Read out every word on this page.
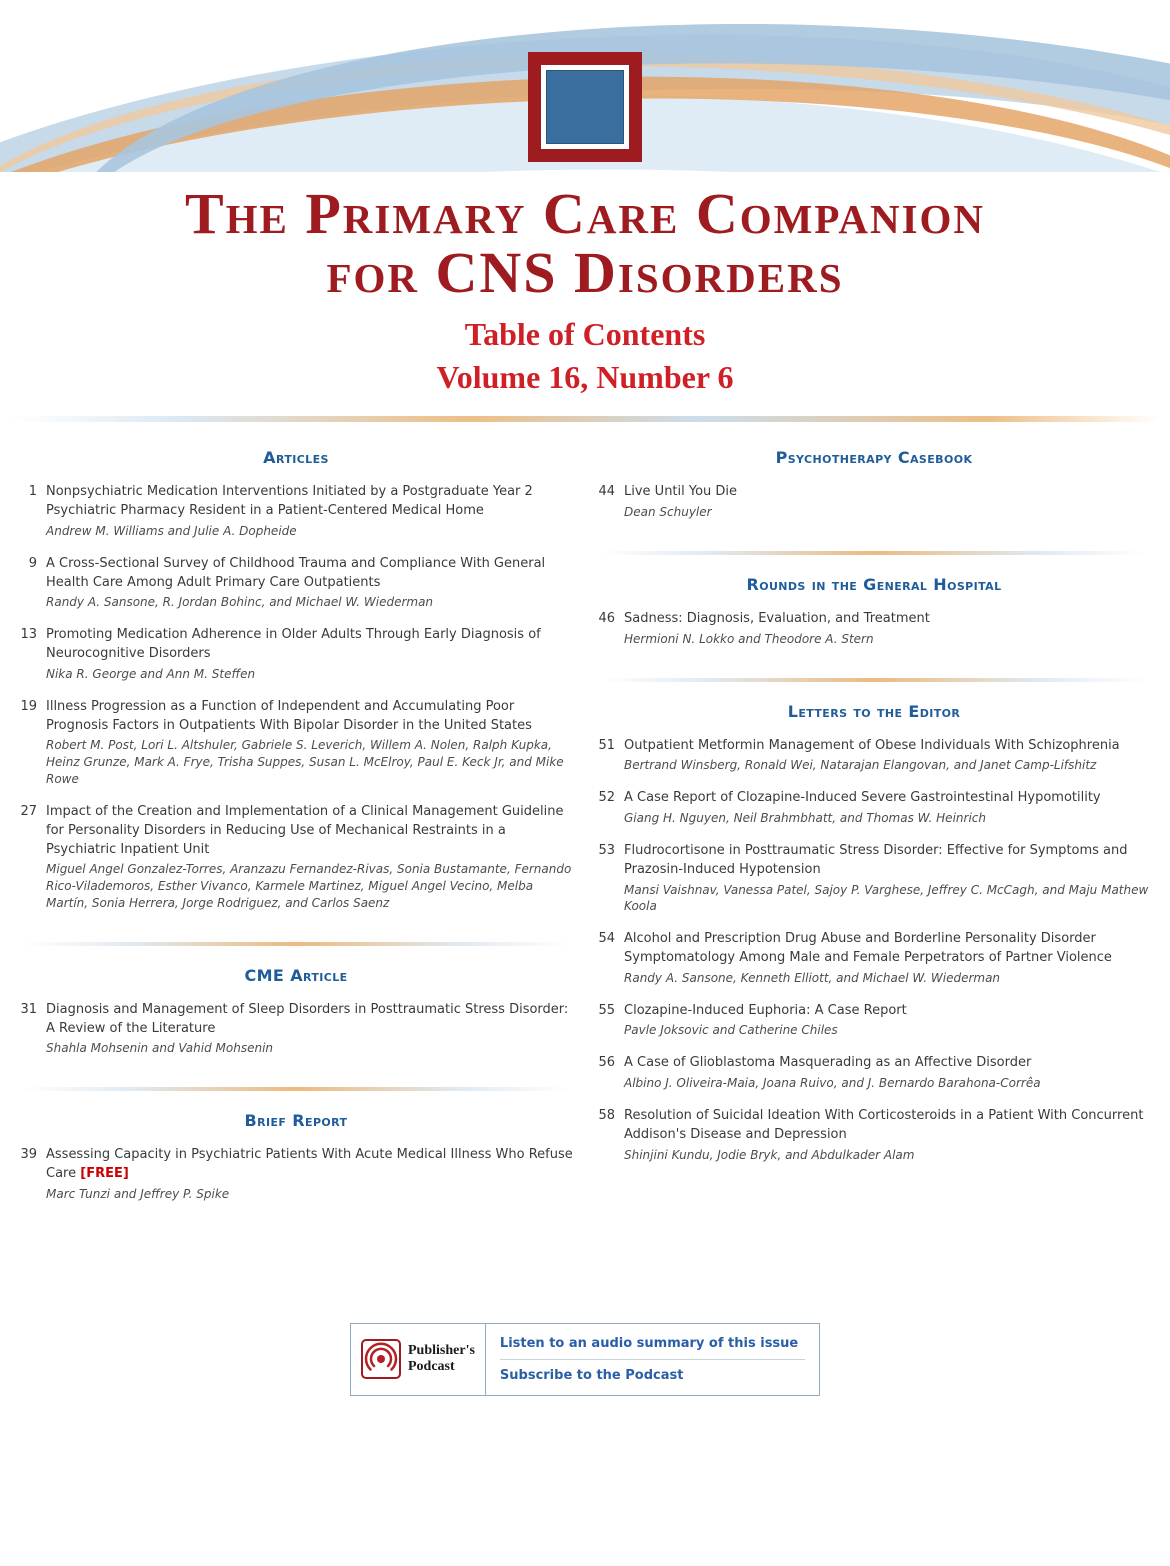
The Primary Care Companion
for CNS Disorders
Table of Contents
Volume 16, Number 6
Articles
1 Nonpsychiatric Medication Interventions Initiated by a Postgraduate Year 2 Psychiatric Pharmacy Resident in a Patient-Centered Medical Home
Andrew M. Williams and Julie A. Dopheide
9 A Cross-Sectional Survey of Childhood Trauma and Compliance With General Health Care Among Adult Primary Care Outpatients
Randy A. Sansone, R. Jordan Bohinc, and Michael W. Wiederman
13 Promoting Medication Adherence in Older Adults Through Early Diagnosis of Neurocognitive Disorders
Nika R. George and Ann M. Steffen
19 Illness Progression as a Function of Independent and Accumulating Poor Prognosis Factors in Outpatients With Bipolar Disorder in the United States
Robert M. Post, Lori L. Altshuler, Gabriele S. Leverich, Willem A. Nolen, Ralph Kupka, Heinz Grunze, Mark A. Frye, Trisha Suppes, Susan L. McElroy, Paul E. Keck Jr, and Mike Rowe
27 Impact of the Creation and Implementation of a Clinical Management Guideline for Personality Disorders in Reducing Use of Mechanical Restraints in a Psychiatric Inpatient Unit
Miguel Angel Gonzalez-Torres, Aranzazu Fernandez-Rivas, Sonia Bustamante, Fernando Rico-Vilademoros, Esther Vivanco, Karmele Martinez, Miguel Angel Vecino, Melba Martín, Sonia Herrera, Jorge Rodriguez, and Carlos Saenz
CME Article
31 Diagnosis and Management of Sleep Disorders in Posttraumatic Stress Disorder: A Review of the Literature
Shahla Mohsenin and Vahid Mohsenin
Brief Report
39 Assessing Capacity in Psychiatric Patients With Acute Medical Illness Who Refuse Care [FREE]
Marc Tunzi and Jeffrey P. Spike
Psychotherapy Casebook
44 Live Until You Die
Dean Schuyler
Rounds in the General Hospital
46 Sadness: Diagnosis, Evaluation, and Treatment
Hermioni N. Lokko and Theodore A. Stern
Letters to the Editor
51 Outpatient Metformin Management of Obese Individuals With Schizophrenia
Bertrand Winsberg, Ronald Wei, Natarajan Elangovan, and Janet Camp-Lifshitz
52 A Case Report of Clozapine-Induced Severe Gastrointestinal Hypomotility
Giang H. Nguyen, Neil Brahmbhatt, and Thomas W. Heinrich
53 Fludrocortisone in Posttraumatic Stress Disorder: Effective for Symptoms and Prazosin-Induced Hypotension
Mansi Vaishnav, Vanessa Patel, Sajoy P. Varghese, Jeffrey C. McCagh, and Maju Mathew Koola
54 Alcohol and Prescription Drug Abuse and Borderline Personality Disorder Symptomatology Among Male and Female Perpetrators of Partner Violence
Randy A. Sansone, Kenneth Elliott, and Michael W. Wiederman
55 Clozapine-Induced Euphoria: A Case Report
Pavle Joksovic and Catherine Chiles
56 A Case of Glioblastoma Masquerading as an Affective Disorder
Albino J. Oliveira-Maia, Joana Ruivo, and J. Bernardo Barahona-Corrêa
58 Resolution of Suicidal Ideation With Corticosteroids in a Patient With Concurrent Addison's Disease and Depression
Shinjini Kundu, Jodie Bryk, and Abdulkader Alam
Publisher's
Podcast
Listen to an audio summary of this issue
Subscribe to the Podcast
